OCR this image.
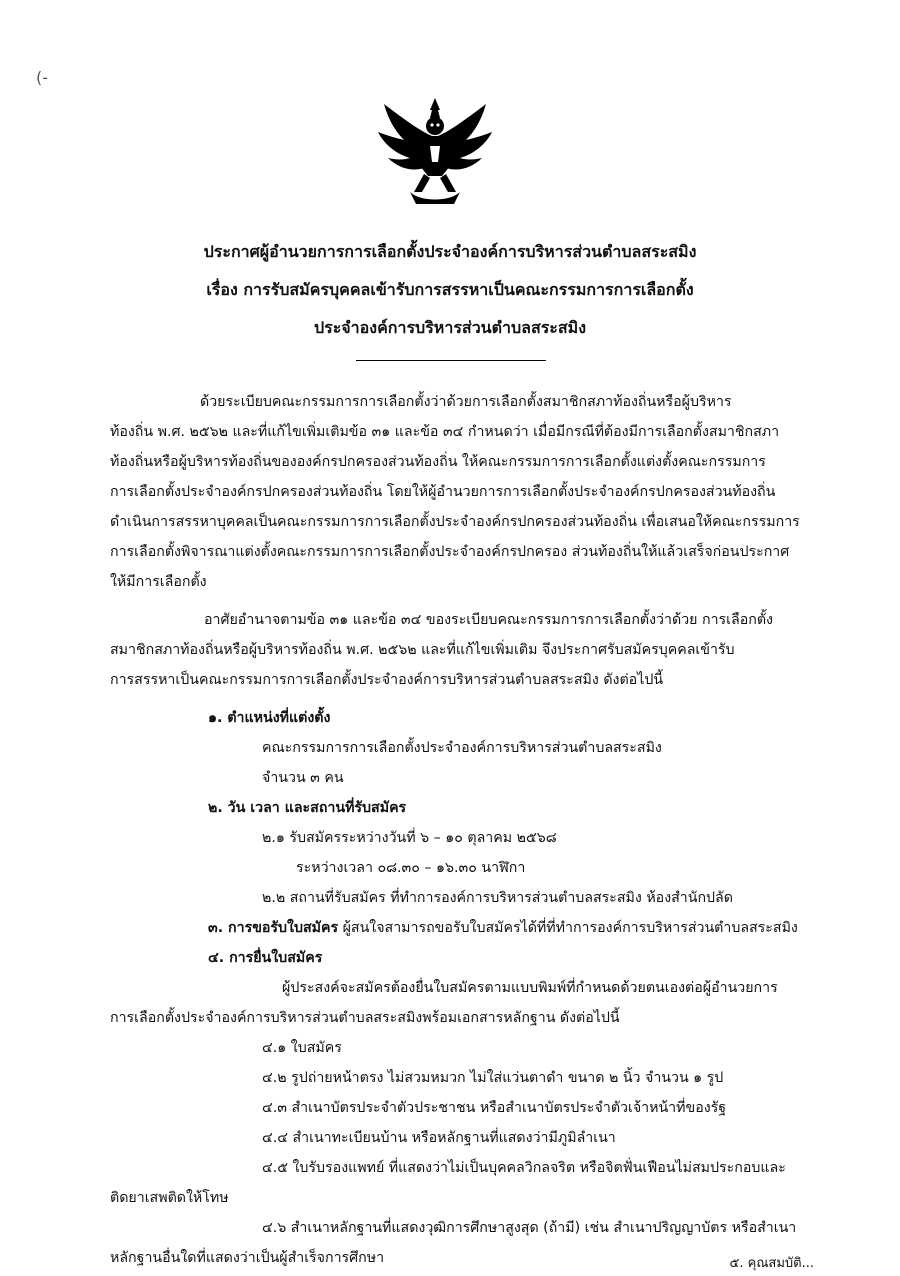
(-
ประกาศผู้อำนวยการการเลือกตั้งประจำองค์การบริหารส่วนตำบลสระสมิง
เรื่อง การรับสมัครบุคคลเข้ารับการสรรหาเป็นคณะกรรมการการเลือกตั้ง
ประจำองค์การบริหารส่วนตำบลสระสมิง
ด้วยระเบียบคณะกรรมการการเลือกตั้งว่าด้วยการเลือกตั้งสมาชิกสภาท้องถิ่นหรือผู้บริหาร
ท้องถิ่น พ.ศ. ๒๕๖๒ และที่แก้ไขเพิ่มเติมข้อ ๓๑ และข้อ ๓๔ กำหนดว่า เมื่อมีกรณีที่ต้องมีการเลือกตั้งสมาชิกสภา
ท้องถิ่นหรือผู้บริหารท้องถิ่นขององค์กรปกครองส่วนท้องถิ่น ให้คณะกรรมการการเลือกตั้งแต่งตั้งคณะกรรมการ
การเลือกตั้งประจำองค์กรปกครองส่วนท้องถิ่น โดยให้ผู้อำนวยการการเลือกตั้งประจำองค์กรปกครองส่วนท้องถิ่น
ดำเนินการสรรหาบุคคลเป็นคณะกรรมการการเลือกตั้งประจำองค์กรปกครองส่วนท้องถิ่น เพื่อเสนอให้คณะกรรมการ
การเลือกตั้งพิจารณาแต่งตั้งคณะกรรมการการเลือกตั้งประจำองค์กรปกครอง ส่วนท้องถิ่นให้แล้วเสร็จก่อนประกาศ
ให้มีการเลือกตั้ง
อาศัยอำนาจตามข้อ ๓๑ และข้อ ๓๔ ของระเบียบคณะกรรมการการเลือกตั้งว่าด้วย การเลือกตั้ง
สมาชิกสภาท้องถิ่นหรือผู้บริหารท้องถิ่น พ.ศ. ๒๕๖๒ และที่แก้ไขเพิ่มเติม จึงประกาศรับสมัครบุคคลเข้ารับ
การสรรหาเป็นคณะกรรมการการเลือกตั้งประจำองค์การบริหารส่วนตำบลสระสมิง ดังต่อไปนี้
๑. ตำแหน่งที่แต่งตั้ง
คณะกรรมการการเลือกตั้งประจำองค์การบริหารส่วนตำบลสระสมิง
จำนวน ๓ คน
๒. วัน เวลา และสถานที่รับสมัคร
๒.๑ รับสมัครระหว่างวันที่ ๖ – ๑๐ ตุลาคม ๒๕๖๘
ระหว่างเวลา ๐๘.๓๐ – ๑๖.๓๐ นาฬิกา
๒.๒ สถานที่รับสมัคร ที่ทำการองค์การบริหารส่วนตำบลสระสมิง ห้องสำนักปลัด
๓. การขอรับใบสมัคร ผู้สนใจสามารถขอรับใบสมัครได้ที่ที่ทำการองค์การบริหารส่วนตำบลสระสมิง
๔. การยื่นใบสมัคร
ผู้ประสงค์จะสมัครต้องยื่นใบสมัครตามแบบพิมพ์ที่กำหนดด้วยตนเองต่อผู้อำนวยการ
การเลือกตั้งประจำองค์การบริหารส่วนตำบลสระสมิงพร้อมเอกสารหลักฐาน ดังต่อไปนี้
๔.๑ ใบสมัคร
๔.๒ รูปถ่ายหน้าตรง ไม่สวมหมวก ไม่ใส่แว่นตาดำ ขนาด ๒ นิ้ว จำนวน ๑ รูป
๔.๓ สำเนาบัตรประจำตัวประชาชน หรือสำเนาบัตรประจำตัวเจ้าหน้าที่ของรัฐ
๔.๔ สำเนาทะเบียนบ้าน หรือหลักฐานที่แสดงว่ามีภูมิลำเนา
๔.๕ ใบรับรองแพทย์ ที่แสดงว่าไม่เป็นบุคคลวิกลจริต หรือจิตฟั่นเฟือนไม่สมประกอบและ
ติดยาเสพติดให้โทษ
๔.๖ สำเนาหลักฐานที่แสดงวุฒิการศึกษาสูงสุด (ถ้ามี) เช่น สำเนาปริญญาบัตร หรือสำเนา
หลักฐานอื่นใดที่แสดงว่าเป็นผู้สำเร็จการศึกษา	๕. คุณสมบัติ...
